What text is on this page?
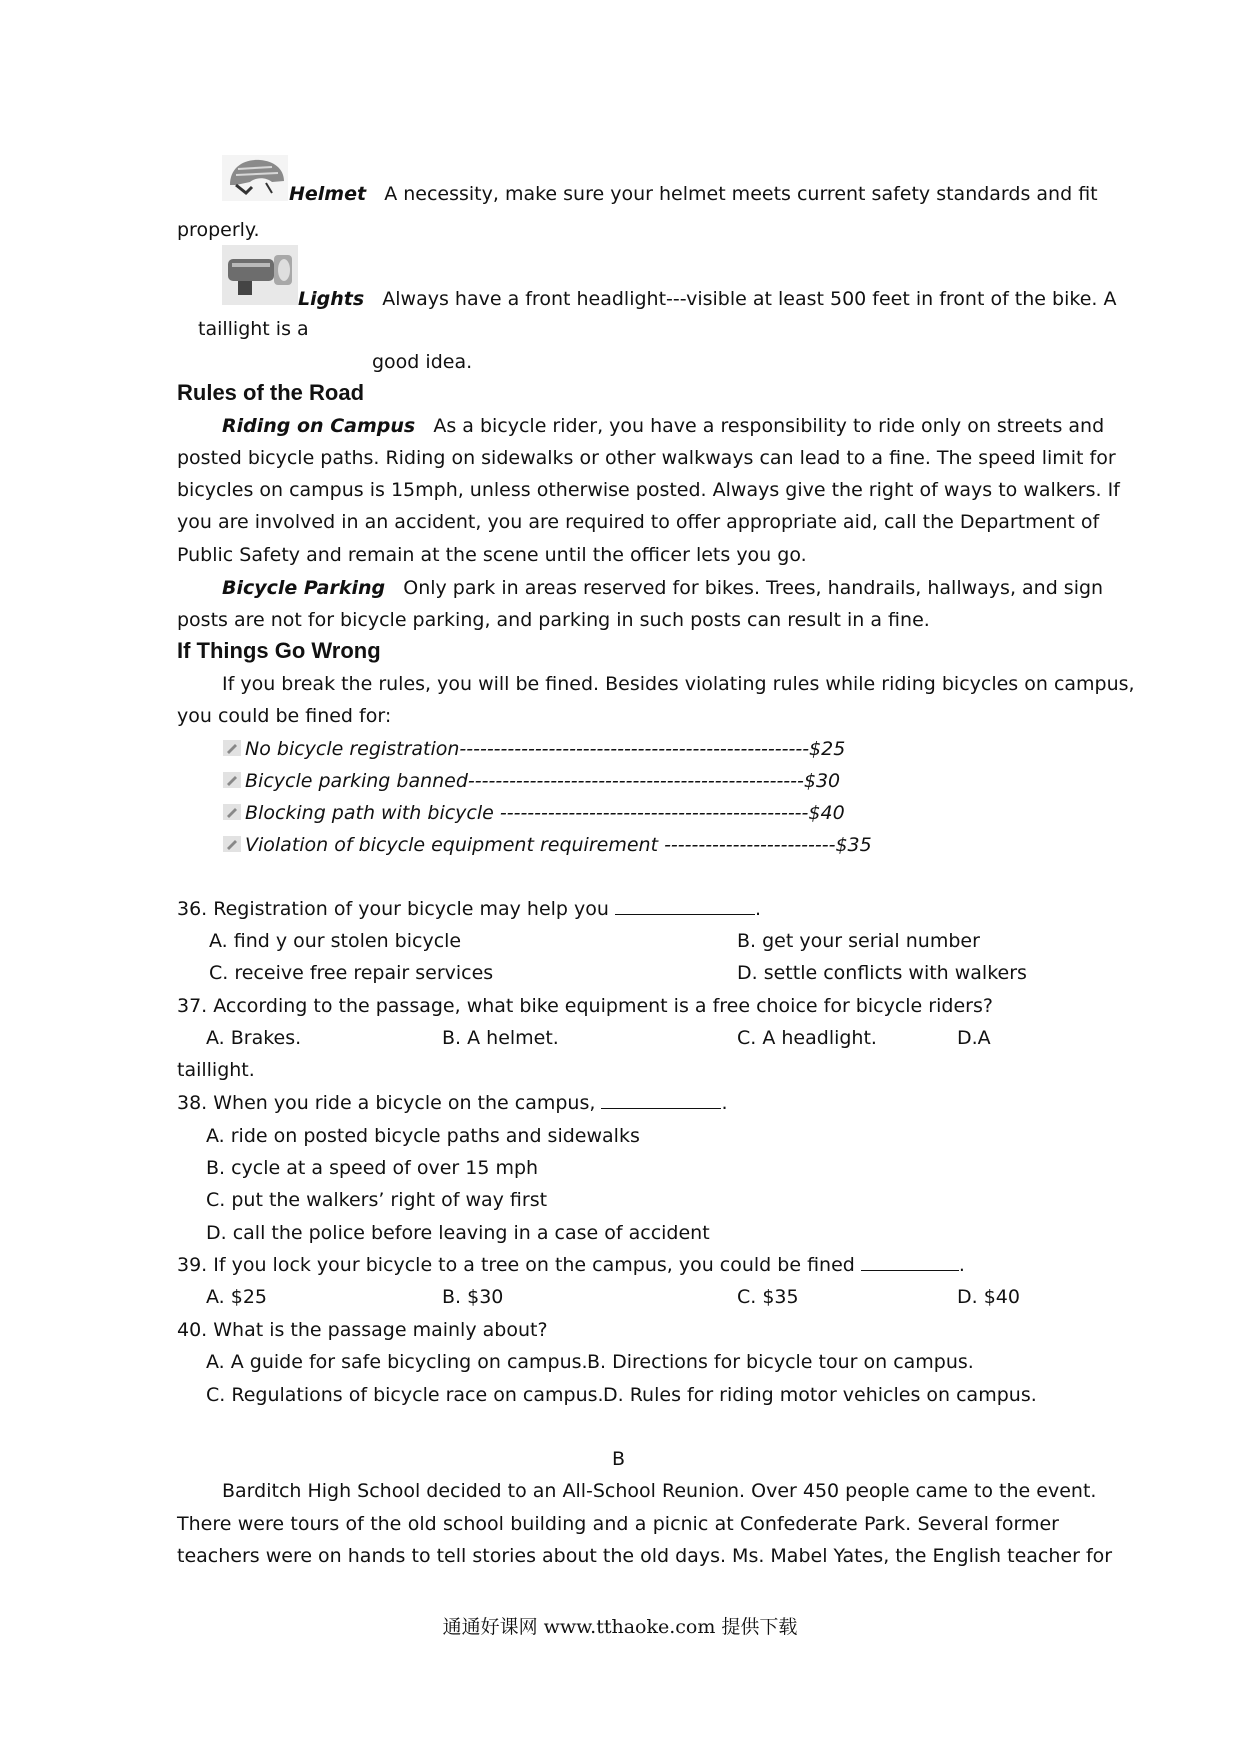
Helmet A necessity, make sure your helmet meets current safety standards and fit
properly.
Lights Always have a front headlight---visible at least 500 feet in front of the bike. A
taillight is a
good idea.
Rules of the Road
Riding on Campus As a bicycle rider, you have a responsibility to ride only on streets and
posted bicycle paths. Riding on sidewalks or other walkways can lead to a fine. The speed limit for
bicycles on campus is 15mph, unless otherwise posted. Always give the right of ways to walkers. If
you are involved in an accident, you are required to offer appropriate aid, call the Department of
Public Safety and remain at the scene until the officer lets you go.
Bicycle Parking Only park in areas reserved for bikes. Trees, handrails, hallways, and sign
posts are not for bicycle parking, and parking in such posts can result in a fine.
If Things Go Wrong
If you break the rules, you will be fined. Besides violating rules while riding bicycles on campus,
you could be fined for:
No bicycle registration---------------------------------------------------$25
Bicycle parking banned-------------------------------------------------$30
Blocking path with bicycle ---------------------------------------------$40
Violation of bicycle equipment requirement -------------------------$35
36. Registration of your bicycle may help you	.
A. find y our stolen bicycle	B. get your serial number
C. receive free repair services	D. settle conflicts with walkers
37. According to the passage, what bike equipment is a free choice for bicycle riders?
A. Brakes.	B. A helmet.	C. A headlight.	D.A
taillight.
38. When you ride a bicycle on the campus,	.
A. ride on posted bicycle paths and sidewalks
B. cycle at a speed of over 15 mph
C. put the walkers’ right of way first
D. call the police before leaving in a case of accident
39. If you lock your bicycle to a tree on the campus, you could be fined	.
A. $25	B. $30	C. $35	D. $40
40. What is the passage mainly about?
A. A guide for safe bicycling on campus. B. Directions for bicycle tour on campus.
C. Regulations of bicycle race on campus. D. Rules for riding motor vehicles on campus.
B
Barditch High School decided to an All-School Reunion. Over 450 people came to the event.
There were tours of the old school building and a picnic at Confederate Park. Several former
teachers were on hands to tell stories about the old days. Ms. Mabel Yates, the English teacher for
通通好课网 www.tthaoke.com 提供下载
